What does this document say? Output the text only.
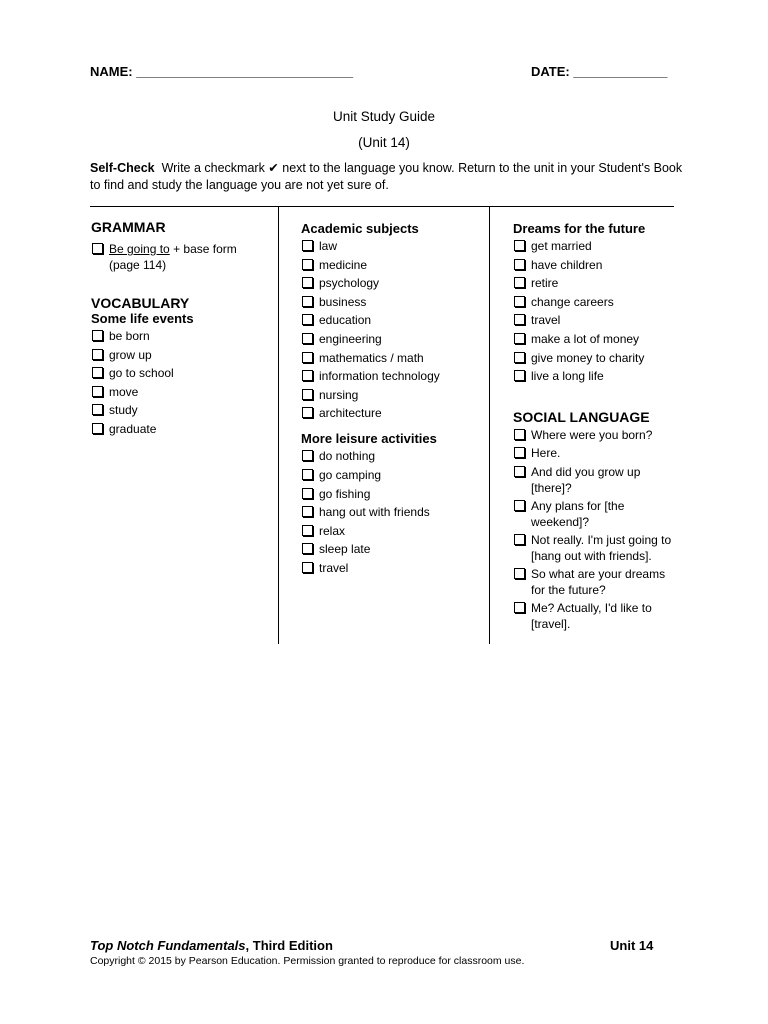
NAME: ______________________________	DATE: _____________
Unit Study Guide
(Unit 14)
Self-Check Write a checkmark ✔ next to the language you know. Return to the unit in your Student's Book to find and study the language you are not yet sure of.
GRAMMAR
Be going to + base form
(page 114)
VOCABULARY
Some life events
be born
grow up
go to school
move
study
graduate
Academic subjects
law
medicine
psychology
business
education
engineering
mathematics / math
information technology
nursing
architecture
More leisure activities
do nothing
go camping
go fishing
hang out with friends
relax
sleep late
travel
Dreams for the future
get married
have children
retire
change careers
travel
make a lot of money
give money to charity
live a long life
SOCIAL LANGUAGE
Where were you born?
Here.
And did you grow up [there]?
Any plans for [the weekend]?
Not really. I'm just going to [hang out with friends].
So what are your dreams for the future?
Me? Actually, I'd like to [travel].
Top Notch Fundamentals, Third Edition	Unit 14
Copyright © 2015 by Pearson Education. Permission granted to reproduce for classroom use.
